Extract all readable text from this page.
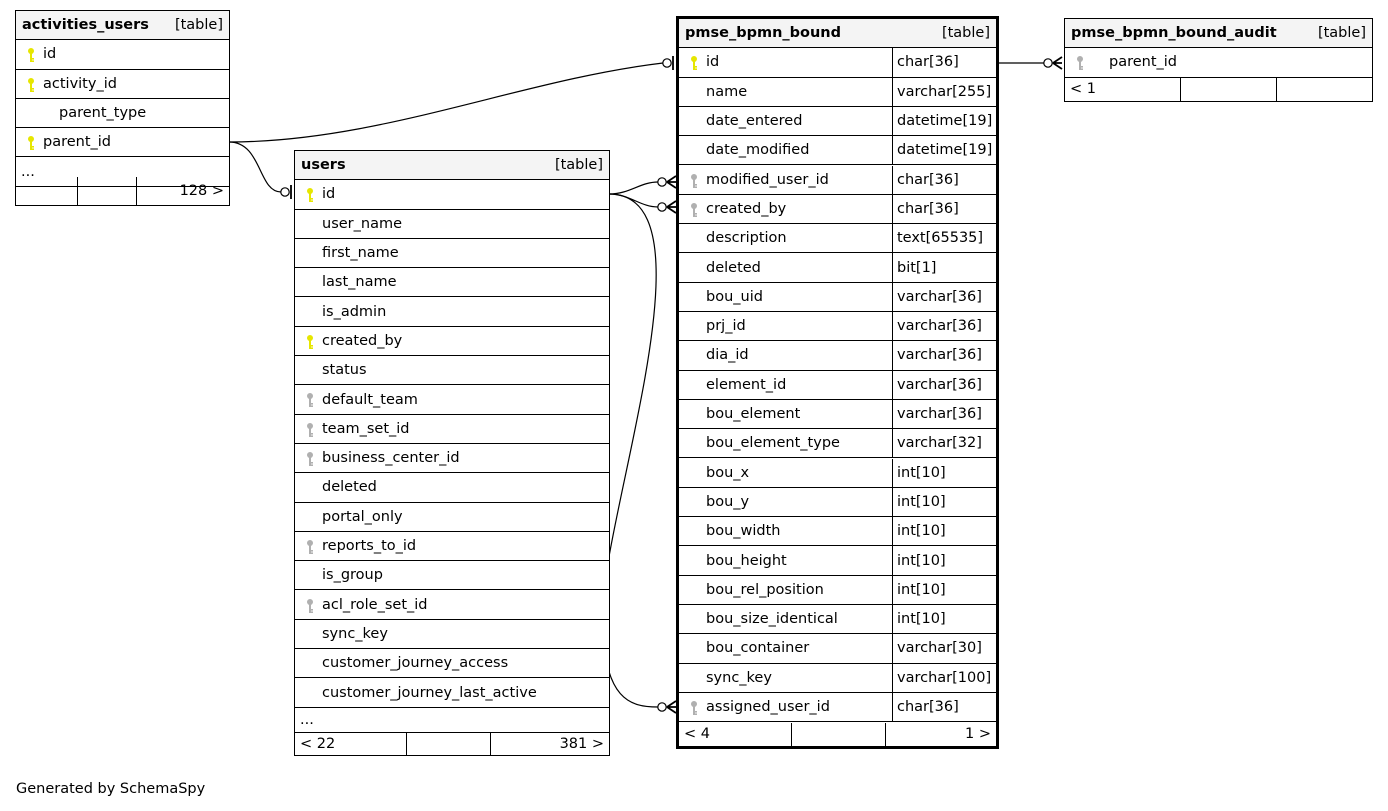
activities_users [table]
id
activity_id
parent_type
parent_id
...
128 >
users	[table]
id
user_name
first_name
last_name
is_admin
created_by
status
default_team
team_set_id
business_center_id
deleted
portal_only
reports_to_id
is_group
acl_role_set_id
sync_key
customer_journey_access
customer_journey_last_active
...
< 22	381 >
pmse_bpmn_bound	[table]
id	char[36]
name	varchar[255]
date_entered	datetime[19]
date_modified	datetime[19]
modified_user_id	char[36]
created_by	char[36]
description	text[65535]
deleted	bit[1]
bou_uid	varchar[36]
prj_id	varchar[36]
dia_id	varchar[36]
element_id	varchar[36]
bou_element	varchar[36]
bou_element_type	varchar[32]
bou_x	int[10]
bou_y	int[10]
bou_width	int[10]
bou_height	int[10]
bou_rel_position	int[10]
bou_size_identical	int[10]
bou_container	varchar[30]
sync_key	varchar[100]
assigned_user_id	char[36]
< 4	1 >
pmse_bpmn_bound_audit	[table]
parent_id
< 1
Generated by SchemaSpy
